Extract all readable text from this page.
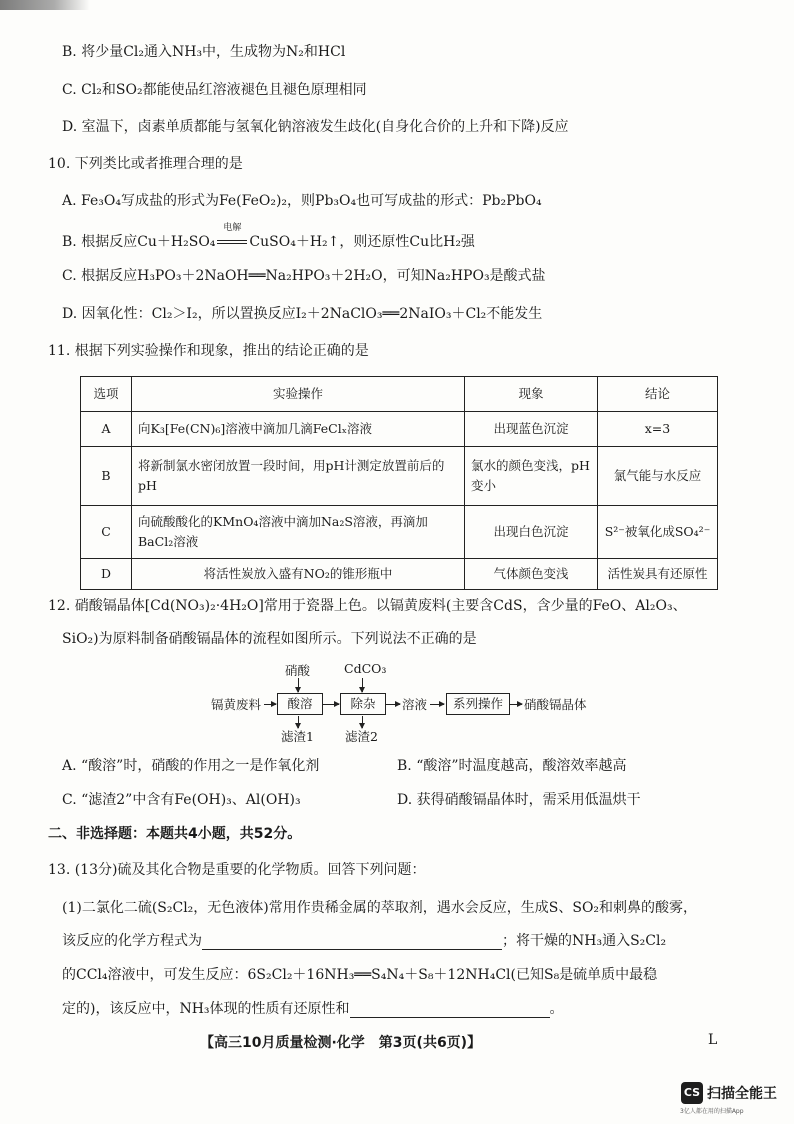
B. 将少量Cl₂通入NH₃中，生成物为N₂和HCl
C. Cl₂和SO₂都能使品红溶液褪色且褪色原理相同
D. 室温下，卤素单质都能与氢氧化钠溶液发生歧化(自身化合价的上升和下降)反应
10. 下列类比或者推理合理的是
A. Fe₃O₄写成盐的形式为Fe(FeO₂)₂，则Pb₃O₄也可写成盐的形式：Pb₂PbO₄
B. 根据反应Cu＋H₂SO₄
电解
CuSO₄＋H₂↑，则还原性Cu比H₂强
C. 根据反应H₃PO₃＋2NaOH══Na₂HPO₃＋2H₂O，可知Na₂HPO₃是酸式盐
D. 因氧化性：Cl₂＞I₂，所以置换反应I₂＋2NaClO₃══2NaIO₃＋Cl₂不能发生
11. 根据下列实验操作和现象，推出的结论正确的是
选项	实验操作	现象	结论
A	向K₃[Fe(CN)₆]溶液中滴加几滴FeClₓ溶液	出现蓝色沉淀	x=3
B	将新制氯水密闭放置一段时间，用pH计测定放置前后的pH	氯水的颜色变浅，pH变小	氯气能与水反应
C	向硫酸酸化的KMnO₄溶液中滴加Na₂S溶液，再滴加BaCl₂溶液	出现白色沉淀	S²⁻被氧化成SO₄²⁻
D	将活性炭放入盛有NO₂的锥形瓶中	气体颜色变浅	活性炭具有还原性
12. 硝酸镉晶体[Cd(NO₃)₂·4H₂O]常用于瓷器上色。以镉黄废料(主要含CdS，含少量的FeO、Al₂O₃、
SiO₂)为原料制备硝酸镉晶体的流程如图所示。下列说法不正确的是
硝酸	CdCO₃
镉黄废料	酸溶	除杂	溶液	系列操作	硝酸镉晶体
滤渣1 滤渣2
A. “酸溶”时，硝酸的作用之一是作氧化剂	B. “酸溶”时温度越高，酸溶效率越高
C. “滤渣2”中含有Fe(OH)₃、Al(OH)₃	D. 获得硝酸镉晶体时，需采用低温烘干
二、非选择题：本题共4小题，共52分。
13. (13分)硫及其化合物是重要的化学物质。回答下列问题：
(1)二氯化二硫(S₂Cl₂，无色液体)常用作贵稀金属的萃取剂，遇水会反应，生成S、SO₂和刺鼻的酸雾，
该反应的化学方程式为	；将干燥的NH₃通入S₂Cl₂
的CCl₄溶液中，可发生反应：6S₂Cl₂＋16NH₃══S₄N₄＋S₈＋12NH₄Cl(已知S₈是硫单质中最稳
定的)，该反应中，NH₃体现的性质有还原性和	。
【高三10月质量检测·化学　第3页(共6页)】	L
CS 扫描全能王
3亿人都在用的扫描App
